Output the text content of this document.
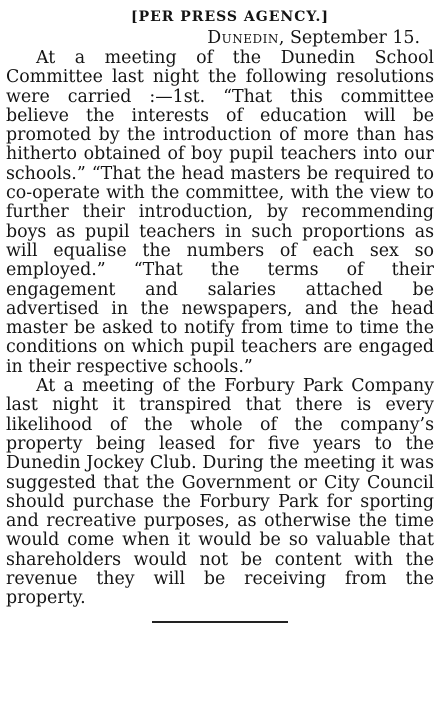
[PER PRESS AGENCY.]

Dunedin, September 15.

At a meeting of the Dunedin School Committee last night the following resolutions were carried :—1st. “That this committee believe the interests of education will be promoted by the introduction of more than has hitherto obtained of boy pupil teachers into our schools.” “That the head masters be required to co-operate with the committee, with the view to further their introduction, by recommending boys as pupil teachers in such proportions as will equalise the numbers of each sex so employed.” “That the terms of their engagement and salaries attached be advertised in the newspapers, and the head master be asked to notify from time to time the conditions on which pupil teachers are engaged in their respective schools.”

At a meeting of the Forbury Park Company last night it transpired that there is every likelihood of the whole of the company’s property being leased for five years to the Dunedin Jockey Club. During the meeting it was suggested that the Government or City Council should purchase the Forbury Park for sporting and recreative purposes, as otherwise the time would come when it would be so valuable that shareholders would not be content with the revenue they will be receiving from the property.
